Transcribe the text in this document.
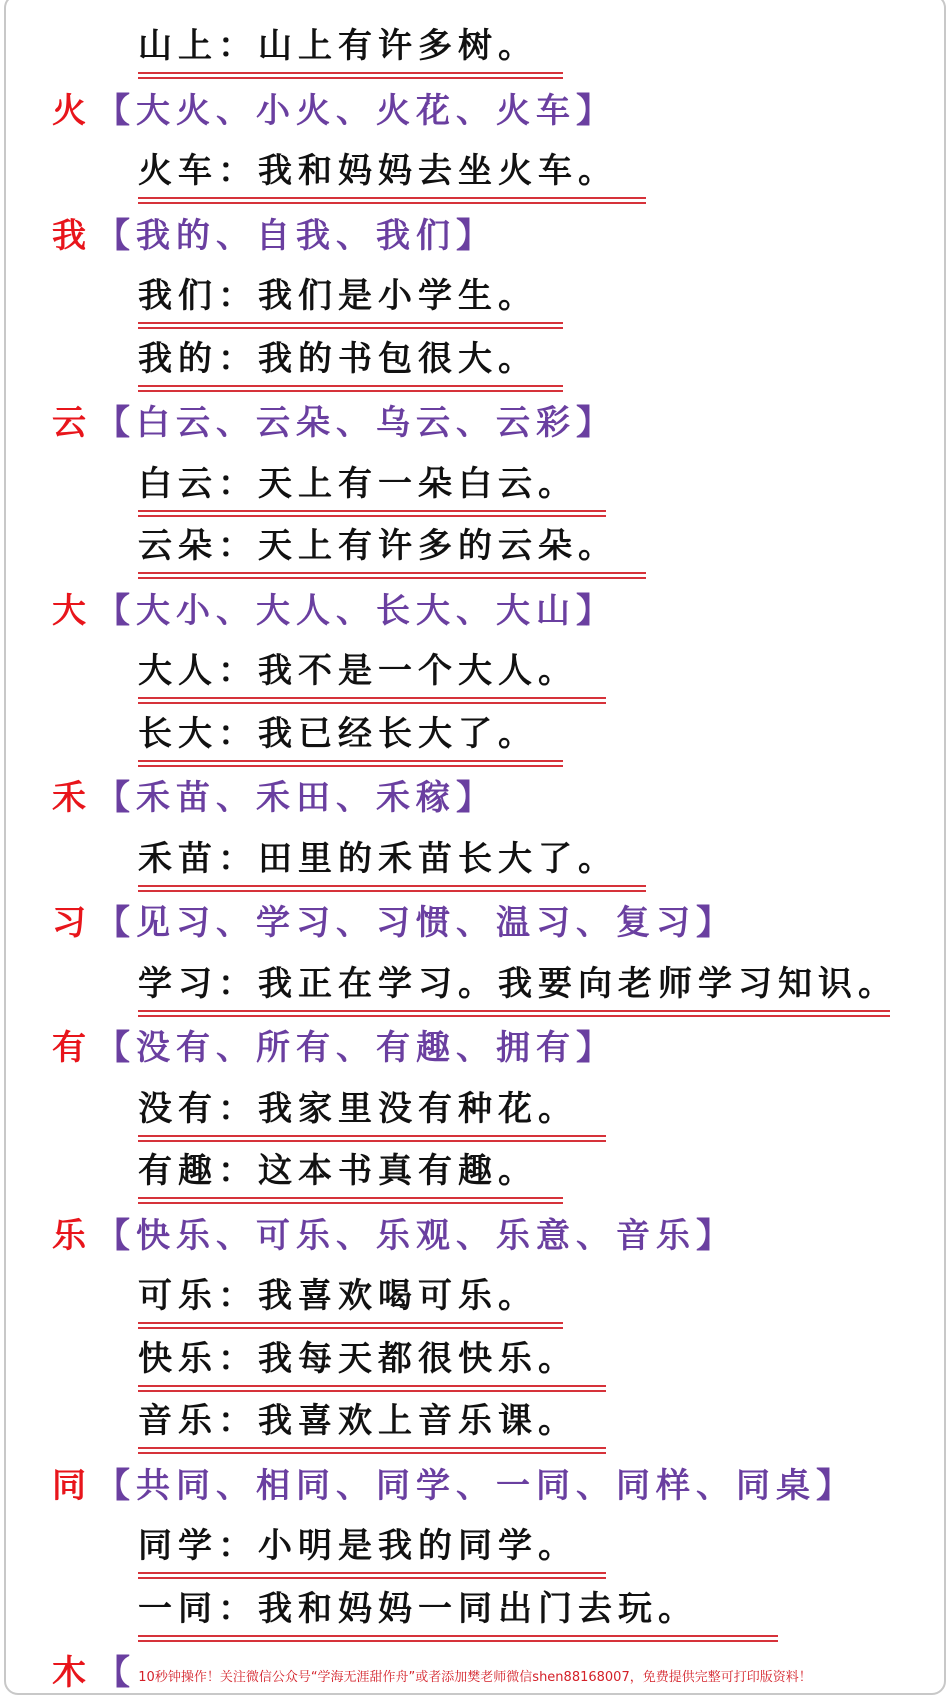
山上：山上有许多树。
火 【大火、小火、火花、火车】
火车：我和妈妈去坐火车。
我 【我的、自我、我们】
我们：我们是小学生。
我的：我的书包很大。
云 【白云、云朵、乌云、云彩】
白云：天上有一朵白云。
云朵：天上有许多的云朵。
大 【大小、大人、长大、大山】
大人：我不是一个大人。
长大：我已经长大了。
禾 【禾苗、禾田、禾稼】
禾苗：田里的禾苗长大了。
习 【见习、学习、习惯、温习、复习】
学习：我正在学习。我要向老师学习知识。
有 【没有、所有、有趣、拥有】
没有：我家里没有种花。
有趣：这本书真有趣。
乐 【快乐、可乐、乐观、乐意、音乐】
可乐：我喜欢喝可乐。
快乐：我每天都很快乐。
音乐：我喜欢上音乐课。
同 【共同、相同、同学、一同、同样、同桌】
同学：小明是我的同学。
一同：我和妈妈一同出门去玩。
木 【 10秒钟操作！关注微信公众号“学海无涯甜作舟”或者添加樊老师微信shen88168007，免费提供完整可打印版资料！
